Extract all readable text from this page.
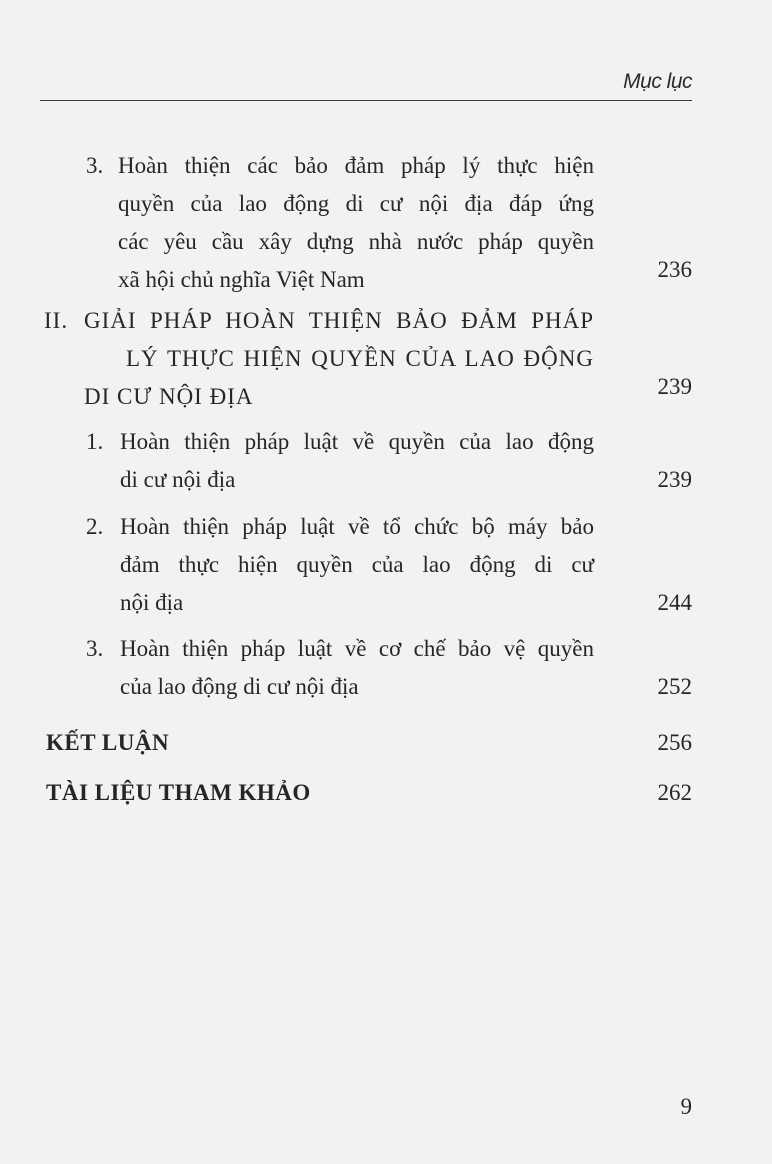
Mục lục
3. Hoàn thiện các bảo đảm pháp lý thực hiện
quyền của lao động di cư nội địa đáp ứng
các yêu cầu xây dựng nhà nước pháp quyền
xã hội chủ nghĩa Việt Nam	236
II. GIẢI PHÁP HOÀN THIỆN BẢO ĐẢM PHÁP
LÝ THỰC HIỆN QUYỀN CỦA LAO ĐỘNG
DI CƯ NỘI ĐỊA	239
1. Hoàn thiện pháp luật về quyền của lao động
di cư nội địa	239
2. Hoàn thiện pháp luật về tổ chức bộ máy bảo
đảm thực hiện quyền của lao động di cư
nội địa	244
3. Hoàn thiện pháp luật về cơ chế bảo vệ quyền
của lao động di cư nội địa	252
KẾT LUẬN	256
TÀI LIỆU THAM KHẢO	262
9
